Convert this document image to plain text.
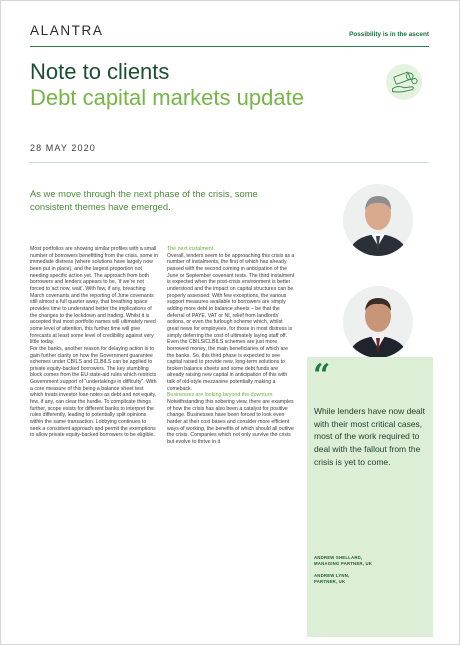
ALANTRA	Possibility is in the ascent
Note to clients
Debt capital markets update
28 MAY 2020
As we move through the next phase of the crisis, some consistent themes have emerged.

Most portfolios are showing similar profiles with a small number of borrowers benefitting from the crisis, some in immediate distress (where solutions have largely now been put in place), and the largest proportion not needing specific action yet. The approach from both borrowers and lenders appears to be, ‘if we’re not forced to act now, wait’. With few, if any, breaching March covenants and the reporting of June covenants still almost a full quarter away, that breathing space provides time to understand better the implications of the changes to the lockdown and trading. Whilst it is accepted that most portfolio names will ultimately need some level of attention, this further time will give forecasts at least some level of credibility against very little today.

For the banks, another reason for delaying action is to gain further clarity on how the Government guarantee schemes under CBILS and CLBILS can be applied to private equity-backed borrowers. The key stumbling block comes from the EU state-aid rules which restricts Government support of “undertakings in difficulty”. With a core measure of this being a balance sheet test which treats investor loan notes as debt and not equity, few, if any, can clear the hurdle. To complicate things further, scope exists for different banks to interpret the rules differently, leading to potentially split opinions within the same transaction. Lobbying continues to seek a consistent approach and permit the exemptions to allow private equity-backed borrowers to be eligible.

The next instalment

Overall, lenders seem to be approaching this crisis as a number of instalments, the first of which has already passed with the second coming in anticipation of the June or September covenant tests. The third instalment is expected when the post-crisis environment is better understood and the impact on capital structures can be properly assessed. With few exceptions, the various support measures available to borrowers are simply adding more debt to balance sheets – be that the deferral of PAYE, VAT or NI, relief from landlords’ actions, or even the furlough scheme which, whilst great news for employees, for those in most distress is simply deferring the cost of ultimately laying staff off. Even the CBILS/CLBILS schemes are just more borrowed money, the main beneficiaries of which are the banks. So, this third phase is expected to see capital raised to provide new, long-term solutions to broken balance sheets and some debt funds are already raising new capital in anticipation of this with talk of old-style mezzanine potentially making a comeback.

Businesses are looking beyond the downturn

Notwithstanding this sobering view, there are examples of how the crisis has also been a catalyst for positive change. Businesses have been forced to look even harder at their cost bases and consider more efficient ways of working, the benefits of which should all outlive the crisis. Companies which not only survive the crisis but evolve to thrive in it

“
While lenders have now dealt with their most critical cases, most of the work required to deal with the fallout from the crisis is yet to come.
ANDREW SHELLARD,
MANAGING PARTNER, UK
ANDREW LYNN,
PARTNER, UK
